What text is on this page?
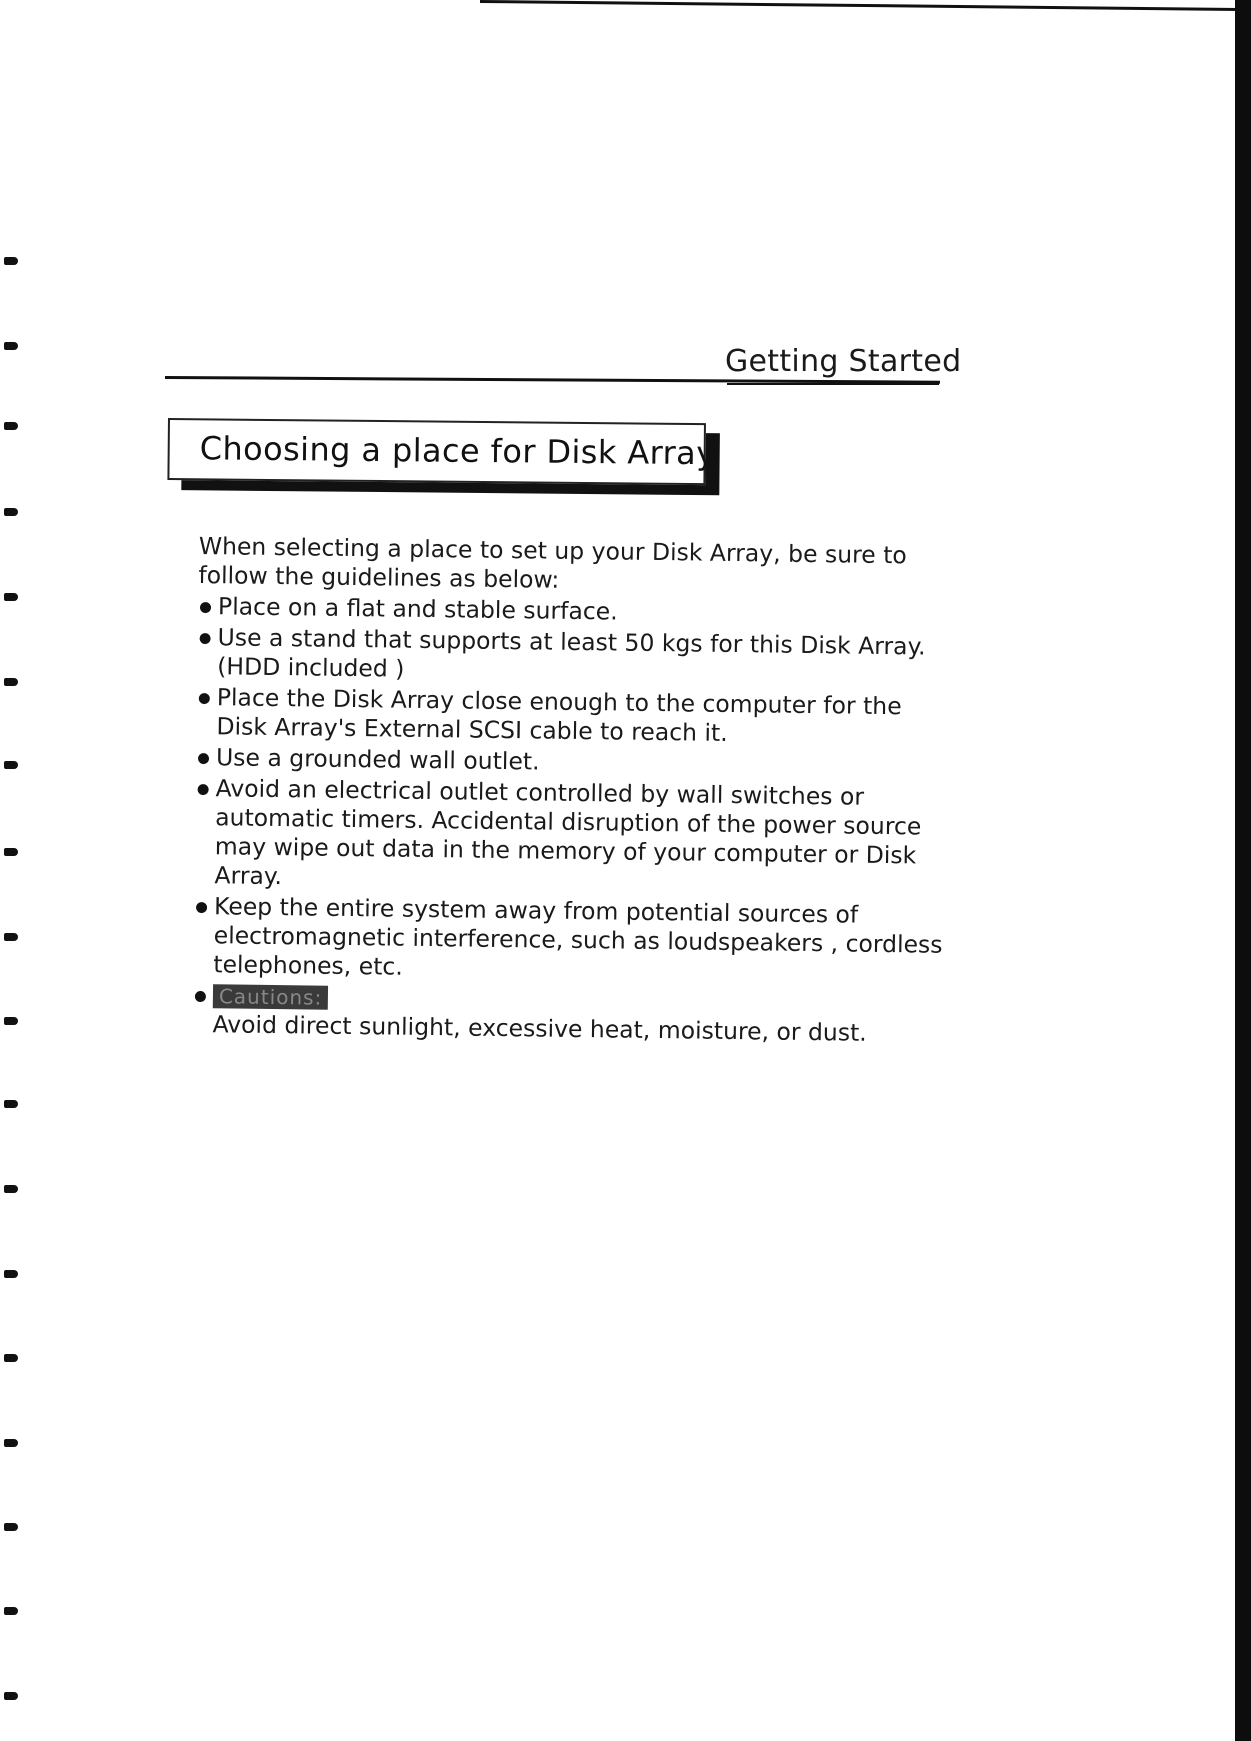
Getting Started
Choosing a place for Disk Array

When selecting a place to set up your Disk Array, be sure to follow the guidelines as below:

Place on a flat and stable surface.
Use a stand that supports at least 50 kgs for this Disk Array. (HDD included )
Place the Disk Array close enough to the computer for the Disk Array's External SCSI cable to reach it.
Use a grounded wall outlet.
Avoid an electrical outlet controlled by wall switches or automatic timers. Accidental disruption of the power source may wipe out data in the memory of your computer or Disk Array.
Keep the entire system away from potential sources of electromagnetic interference, such as loudspeakers , cordless telephones, etc.
Cautions:
Avoid direct sunlight, excessive heat, moisture, or dust.
